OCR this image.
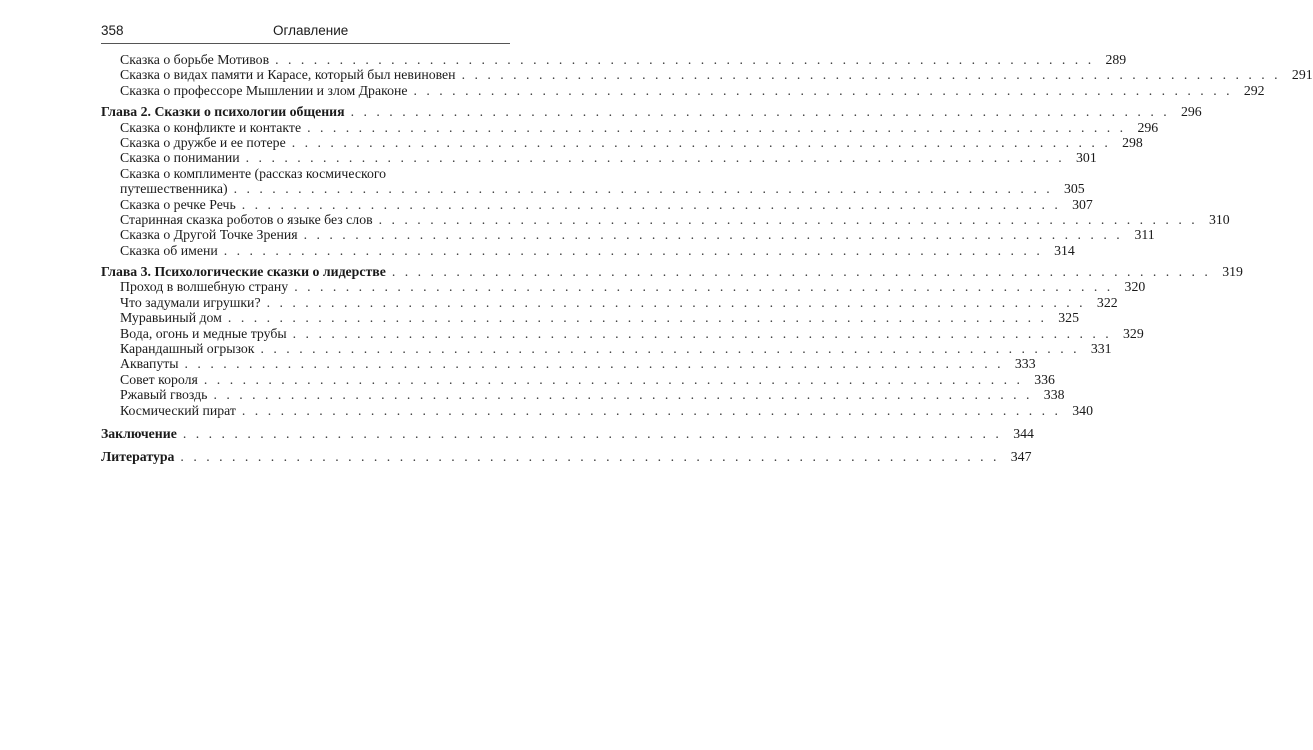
358	Оглавление
Сказка о борьбе Мотивов . . . . . . . . . . . . . . . . . . . . . . . . . . . . . . . . . . . . . . . . . . . . . . . . . . . . . . . . . . . . . . . . 289
Сказка о видах памяти и Карасе, который был невиновен . . . . . . . . . . . . . . . . . . . . . . . . . . . . . . . . . . . . . . . . . . . . . . . . . . . . . . . . . . . . . . . . 291
Сказка о профессоре Мышлении и злом Драконе . . . . . . . . . . . . . . . . . . . . . . . . . . . . . . . . . . . . . . . . . . . . . . . . . . . . . . . . . . . . . . . . 292
Глава 2. Сказки о психологии общения . . . . . . . . . . . . . . . . . . . . . . . . . . . . . . . . . . . . . . . . . . . . . . . . . . . . . . . . . . . . . . . . 296
Сказка о конфликте и контакте . . . . . . . . . . . . . . . . . . . . . . . . . . . . . . . . . . . . . . . . . . . . . . . . . . . . . . . . . . . . . . . . 296
Сказка о дружбе и ее потере . . . . . . . . . . . . . . . . . . . . . . . . . . . . . . . . . . . . . . . . . . . . . . . . . . . . . . . . . . . . . . . . 298
Сказка о понимании . . . . . . . . . . . . . . . . . . . . . . . . . . . . . . . . . . . . . . . . . . . . . . . . . . . . . . . . . . . . . . . . 301
Сказка о комплименте (рассказ космического
путешественника) . . . . . . . . . . . . . . . . . . . . . . . . . . . . . . . . . . . . . . . . . . . . . . . . . . . . . . . . . . . . . . . . 305
Сказка о речке Речь . . . . . . . . . . . . . . . . . . . . . . . . . . . . . . . . . . . . . . . . . . . . . . . . . . . . . . . . . . . . . . . . 307
Старинная сказка роботов о языке без слов . . . . . . . . . . . . . . . . . . . . . . . . . . . . . . . . . . . . . . . . . . . . . . . . . . . . . . . . . . . . . . . . 310
Сказка о Другой Точке Зрения . . . . . . . . . . . . . . . . . . . . . . . . . . . . . . . . . . . . . . . . . . . . . . . . . . . . . . . . . . . . . . . . 311
Сказка об имени . . . . . . . . . . . . . . . . . . . . . . . . . . . . . . . . . . . . . . . . . . . . . . . . . . . . . . . . . . . . . . . . 314
Глава 3. Психологические сказки о лидерстве . . . . . . . . . . . . . . . . . . . . . . . . . . . . . . . . . . . . . . . . . . . . . . . . . . . . . . . . . . . . . . . . 319
Проход в волшебную страну . . . . . . . . . . . . . . . . . . . . . . . . . . . . . . . . . . . . . . . . . . . . . . . . . . . . . . . . . . . . . . . . 320
Что задумали игрушки? . . . . . . . . . . . . . . . . . . . . . . . . . . . . . . . . . . . . . . . . . . . . . . . . . . . . . . . . . . . . . . . . 322
Муравьиный дом . . . . . . . . . . . . . . . . . . . . . . . . . . . . . . . . . . . . . . . . . . . . . . . . . . . . . . . . . . . . . . . . 325
Вода, огонь и медные трубы . . . . . . . . . . . . . . . . . . . . . . . . . . . . . . . . . . . . . . . . . . . . . . . . . . . . . . . . . . . . . . . . 329
Карандашный огрызок . . . . . . . . . . . . . . . . . . . . . . . . . . . . . . . . . . . . . . . . . . . . . . . . . . . . . . . . . . . . . . . . 331
Аквапуты . . . . . . . . . . . . . . . . . . . . . . . . . . . . . . . . . . . . . . . . . . . . . . . . . . . . . . . . . . . . . . . . 333
Совет короля . . . . . . . . . . . . . . . . . . . . . . . . . . . . . . . . . . . . . . . . . . . . . . . . . . . . . . . . . . . . . . . . 336
Ржавый гвоздь . . . . . . . . . . . . . . . . . . . . . . . . . . . . . . . . . . . . . . . . . . . . . . . . . . . . . . . . . . . . . . . . 338
Космический пират . . . . . . . . . . . . . . . . . . . . . . . . . . . . . . . . . . . . . . . . . . . . . . . . . . . . . . . . . . . . . . . . 340
Заключение . . . . . . . . . . . . . . . . . . . . . . . . . . . . . . . . . . . . . . . . . . . . . . . . . . . . . . . . . . . . . . . . 344
Литература . . . . . . . . . . . . . . . . . . . . . . . . . . . . . . . . . . . . . . . . . . . . . . . . . . . . . . . . . . . . . . . . 347
